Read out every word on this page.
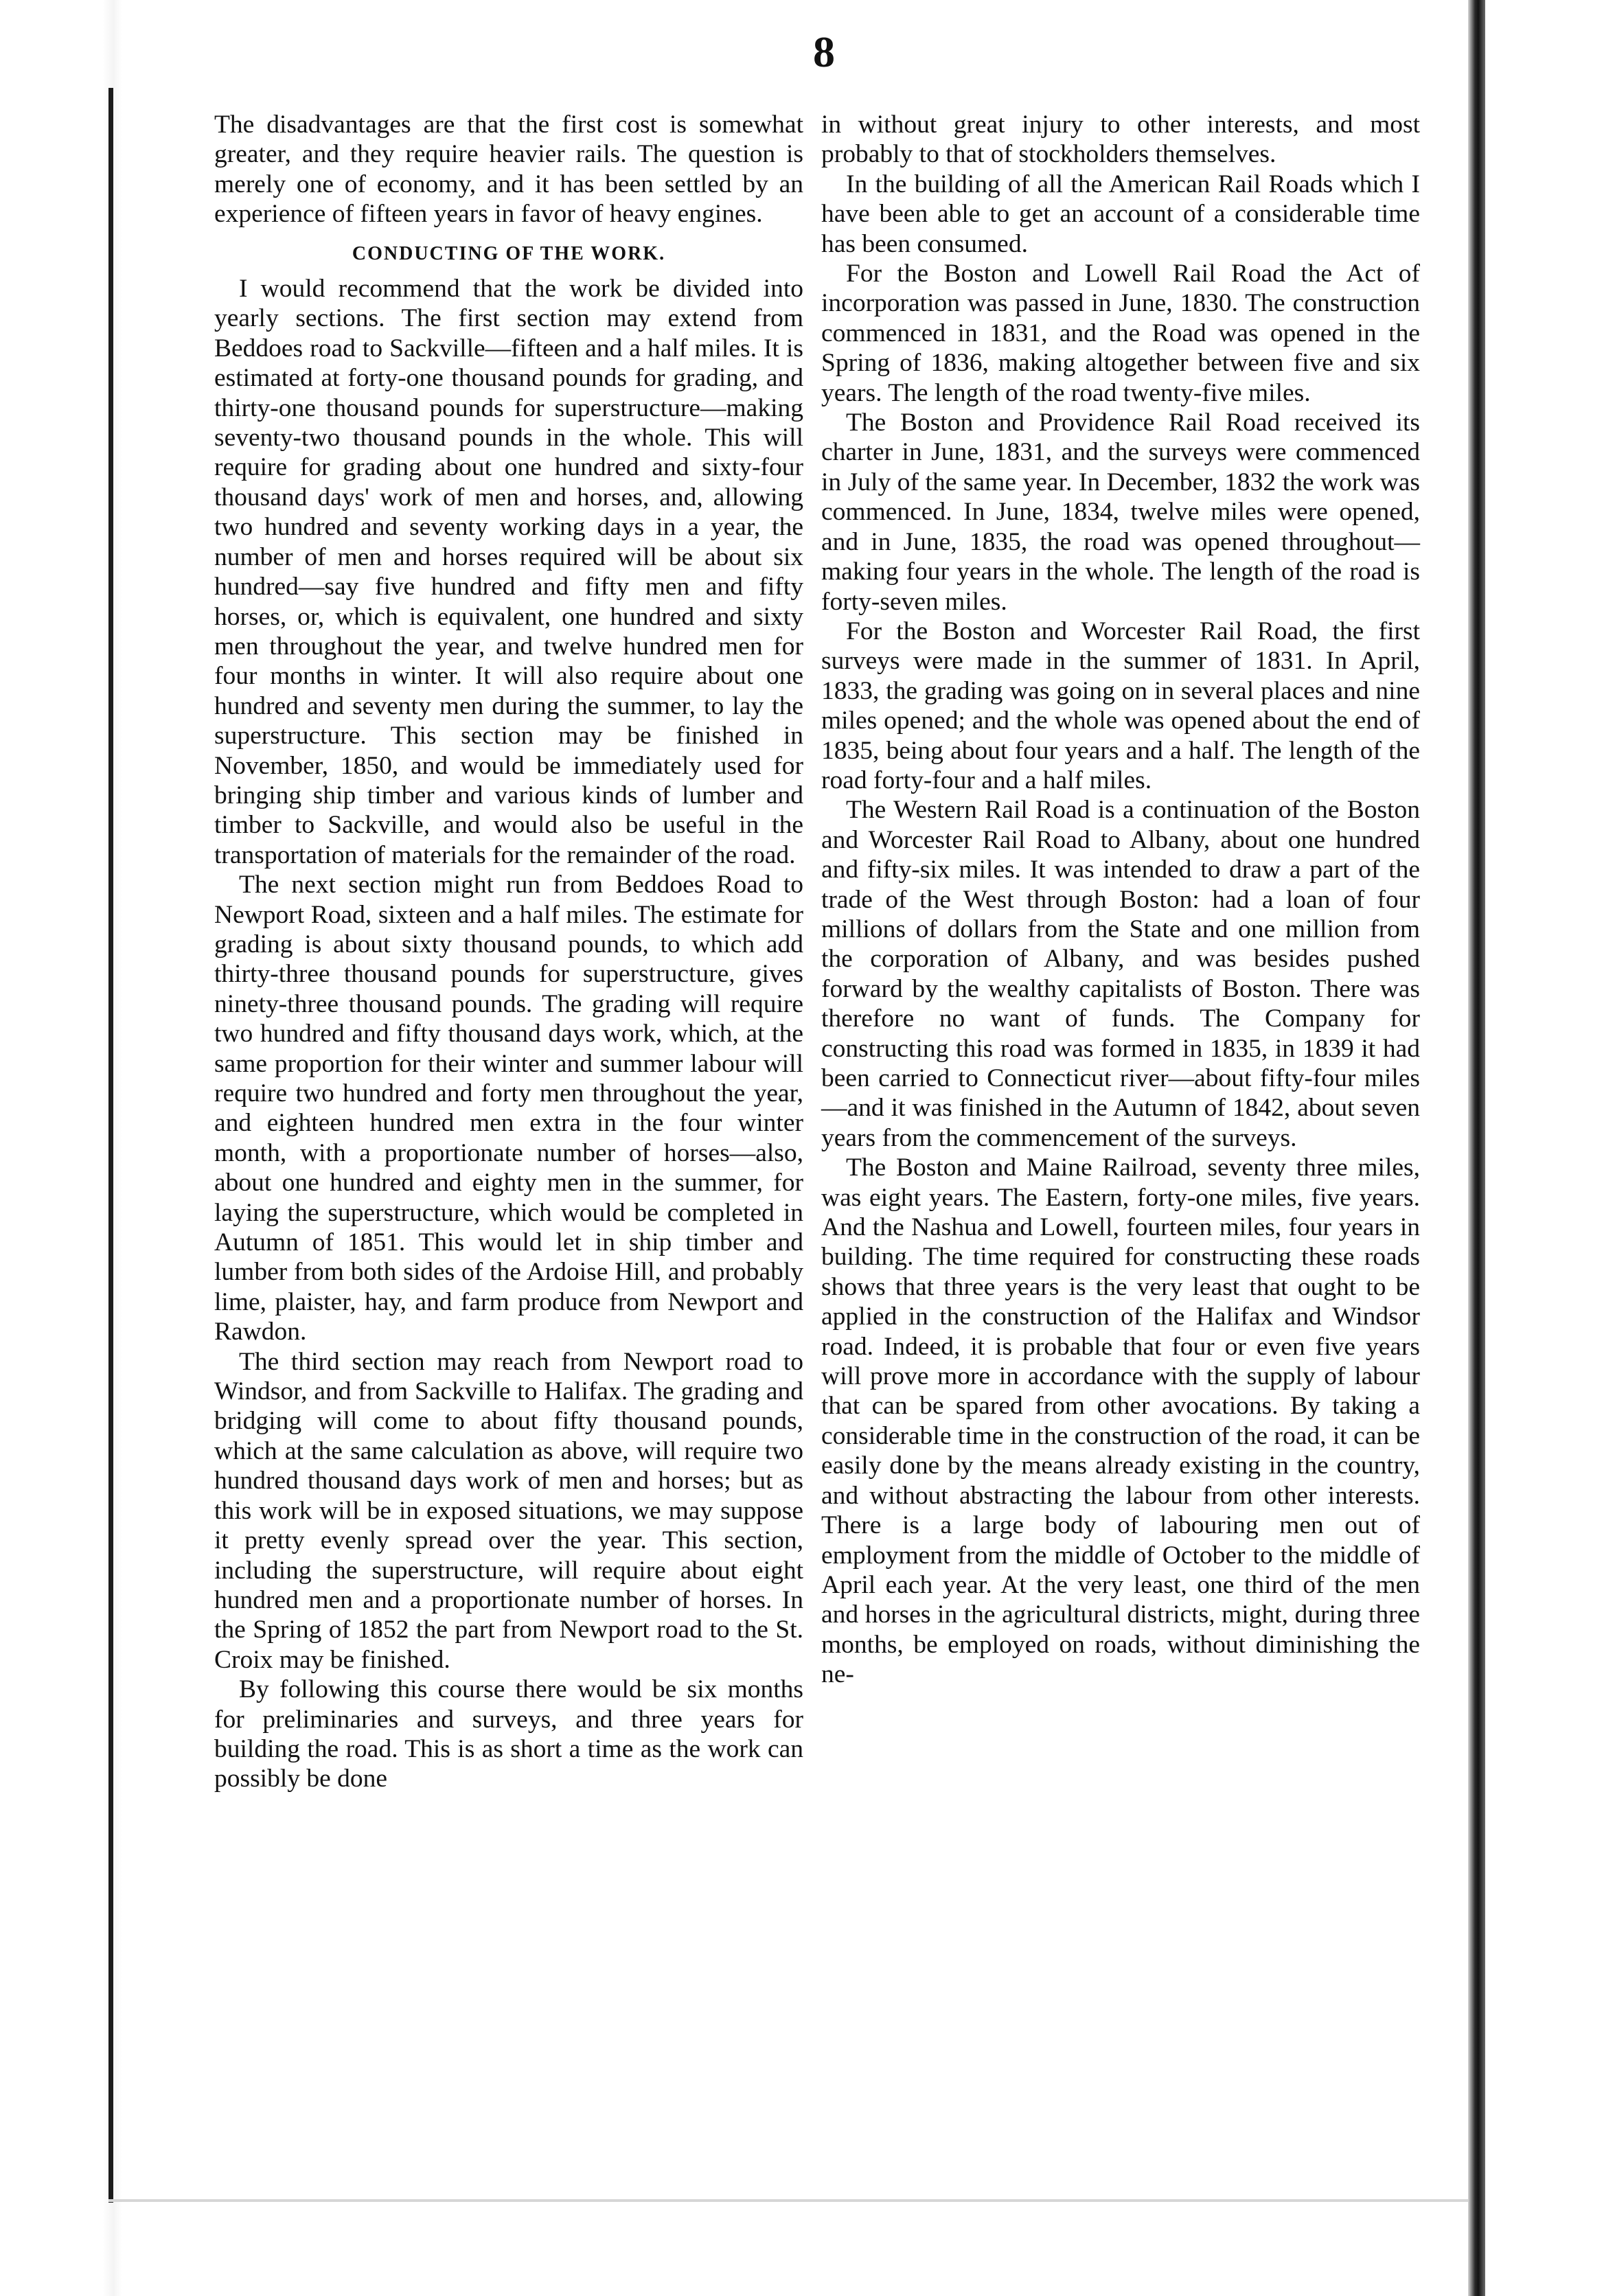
8

The disadvantages are that the first cost is somewhat greater, and they require heavier rails. The question is merely one of economy, and it has been settled by an experience of fifteen years in favor of heavy engines.

CONDUCTING OF THE WORK.

I would recommend that the work be divided into yearly sections. The first section may extend from Beddoes road to Sackville—fifteen and a half miles. It is estimated at forty-one thousand pounds for grading, and thirty-one thousand pounds for superstructure—making seventy-two thousand pounds in the whole. This will require for grading about one hundred and sixty-four thousand days' work of men and horses, and, allowing two hundred and seventy working days in a year, the number of men and horses required will be about six hundred—say five hundred and fifty men and fifty horses, or, which is equivalent, one hundred and sixty men throughout the year, and twelve hundred men for four months in winter. It will also require about one hundred and seventy men during the summer, to lay the superstructure. This section may be finished in November, 1850, and would be immediately used for bringing ship timber and various kinds of lumber and timber to Sackville, and would also be useful in the transportation of materials for the remainder of the road.

The next section might run from Beddoes Road to Newport Road, sixteen and a half miles. The estimate for grading is about sixty thousand pounds, to which add thirty-three thousand pounds for superstructure, gives ninety-three thousand pounds. The grading will require two hundred and fifty thousand days work, which, at the same proportion for their winter and summer labour will require two hundred and forty men throughout the year, and eighteen hundred men extra in the four winter month, with a proportionate number of horses—also, about one hundred and eighty men in the summer, for laying the superstructure, which would be completed in Autumn of 1851. This would let in ship timber and lumber from both sides of the Ardoise Hill, and probably lime, plaister, hay, and farm produce from Newport and Rawdon.

The third section may reach from Newport road to Windsor, and from Sackville to Halifax. The grading and bridging will come to about fifty thousand pounds, which at the same calculation as above, will require two hundred thousand days work of men and horses; but as this work will be in exposed situations, we may suppose it pretty evenly spread over the year. This section, including the superstructure, will require about eight hundred men and a proportionate number of horses. In the Spring of 1852 the part from Newport road to the St. Croix may be finished.

By following this course there would be six months for preliminaries and surveys, and three years for building the road. This is as short a time as the work can possibly be done

in without great injury to other interests, and most probably to that of stockholders themselves.

In the building of all the American Rail Roads which I have been able to get an account of a considerable time has been consumed.

For the Boston and Lowell Rail Road the Act of incorporation was passed in June, 1830. The construction commenced in 1831, and the Road was opened in the Spring of 1836, making altogether between five and six years. The length of the road twenty-five miles.

The Boston and Providence Rail Road received its charter in June, 1831, and the surveys were commenced in July of the same year. In December, 1832 the work was commenced. In June, 1834, twelve miles were opened, and in June, 1835, the road was opened throughout—making four years in the whole. The length of the road is forty-seven miles.

For the Boston and Worcester Rail Road, the first surveys were made in the summer of 1831. In April, 1833, the grading was going on in several places and nine miles opened; and the whole was opened about the end of 1835, being about four years and a half. The length of the road forty-four and a half miles.

The Western Rail Road is a continuation of the Boston and Worcester Rail Road to Albany, about one hundred and fifty-six miles. It was intended to draw a part of the trade of the West through Boston: had a loan of four millions of dollars from the State and one million from the corporation of Albany, and was besides pushed forward by the wealthy capitalists of Boston. There was therefore no want of funds. The Company for constructing this road was formed in 1835, in 1839 it had been carried to Connecticut river—about fifty-four miles—and it was finished in the Autumn of 1842, about seven years from the commencement of the surveys.

The Boston and Maine Railroad, seventy three miles, was eight years. The Eastern, forty-one miles, five years. And the Nashua and Lowell, fourteen miles, four years in building. The time required for constructing these roads shows that three years is the very least that ought to be applied in the construction of the Halifax and Windsor road. Indeed, it is probable that four or even five years will prove more in accordance with the supply of labour that can be spared from other avocations. By taking a considerable time in the construction of the road, it can be easily done by the means already existing in the country, and without abstracting the labour from other interests. There is a large body of labouring men out of employment from the middle of October to the middle of April each year. At the very least, one third of the men and horses in the agricultural districts, might, during three months, be employed on roads, without diminishing the ne-
